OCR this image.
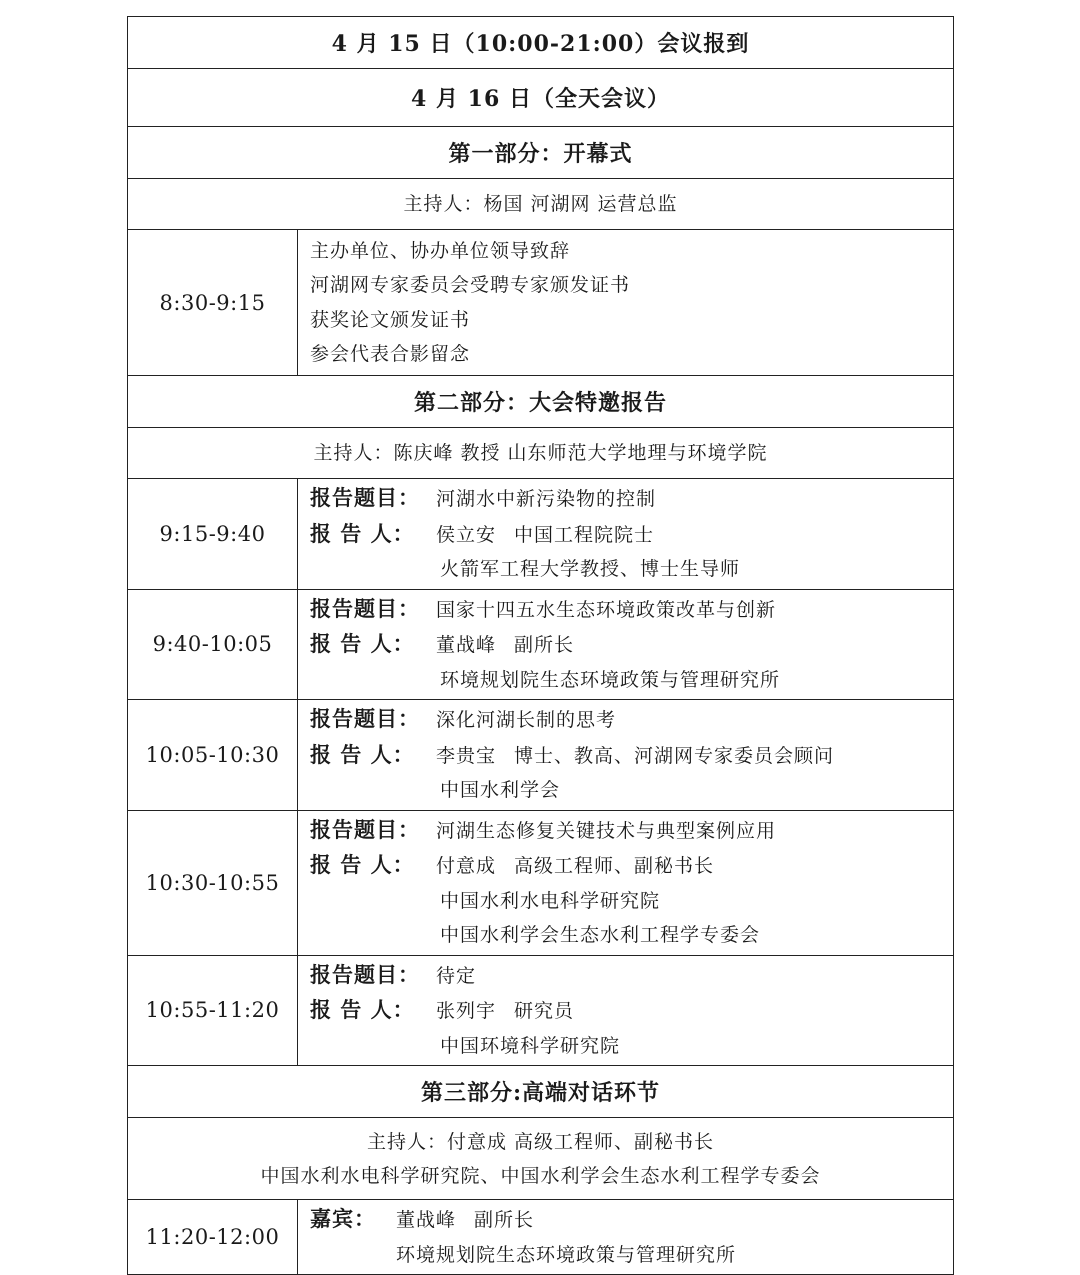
4 月 15 日（10:00-21:00）会议报到	
4 月 16 日（全天会议）	
第一部分：开幕式	
主持人：杨国 河湖网 运营总监	
8:30-9:15	主办单位、协办单位领导致辞
河湖网专家委员会受聘专家颁发证书
获奖论文颁发证书
参会代表合影留念

第二部分：大会特邀报告	
主持人：陈庆峰 教授 山东师范大学地理与环境学院	
9:15-9:40	报告题目： 河湖水中新污染物的控制
报 告 人： 侯立安 中国工程院院士
火箭军工程大学教授、博士生导师

9:40-10:05	报告题目： 国家十四五水生态环境政策改革与创新
报 告 人： 董战峰 副所长
环境规划院生态环境政策与管理研究所

10:05-10:30	报告题目： 深化河湖长制的思考
报 告 人： 李贵宝 博士、教高、河湖网专家委员会顾问
中国水利学会

10:30-10:55	报告题目： 河湖生态修复关键技术与典型案例应用
报 告 人： 付意成 高级工程师、副秘书长
中国水利水电科学研究院
中国水利学会生态水利工程学专委会

10:55-11:20	报告题目： 待定
报 告 人： 张列宇 研究员
中国环境科学研究院

第三部分:高端对话环节	

主持人：付意成 高级工程师、副秘书长
中国水利水电科学研究院、中国水利学会生态水利工程学专委会	

11:20-12:00	嘉宾： 董战峰 副所长
环境规划院生态环境政策与管理研究所
